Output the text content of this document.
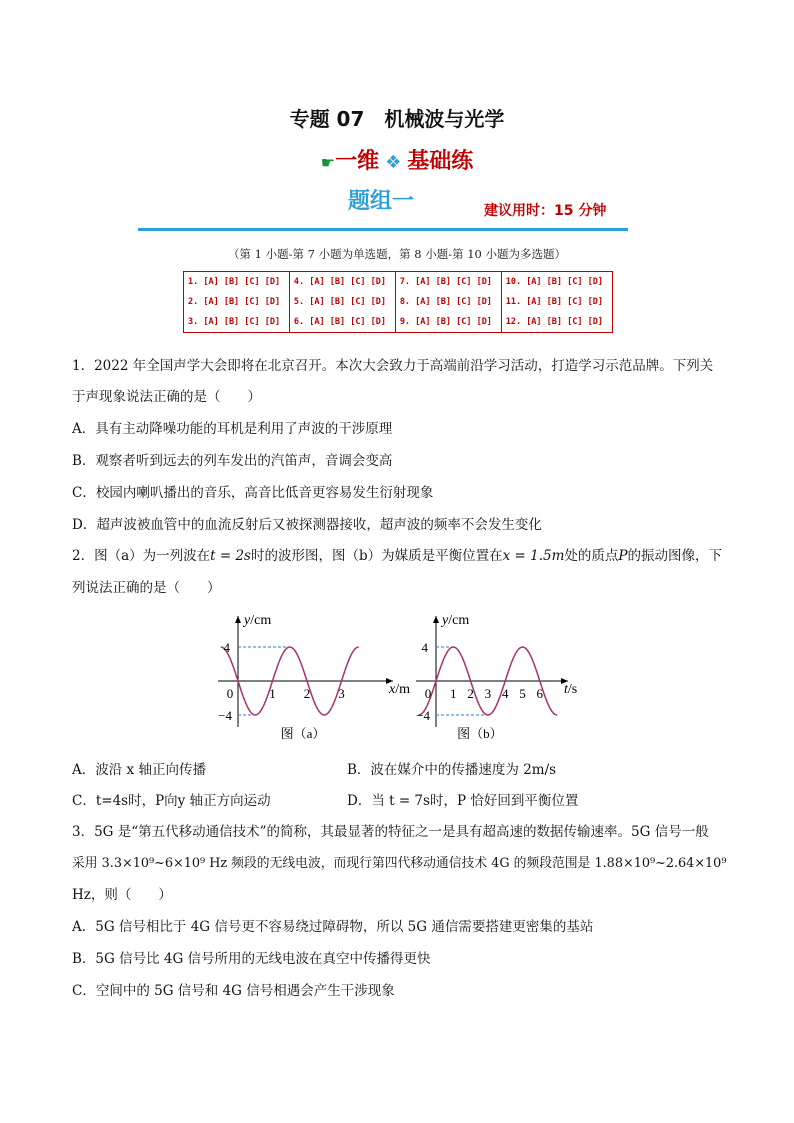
专题 07　机械波与光学
☛一维 ❖ 基础练
题组一	建议用时：15 分钟
（第 1 小题-第 7 小题为单选题，第 8 小题-第 10 小题为多选题）
1. [A] [B] [C] [D]	4. [A] [B] [C] [D]	7. [A] [B] [C] [D]	10. [A] [B] [C] [D]
2. [A] [B] [C] [D]	5. [A] [B] [C] [D]	8. [A] [B] [C] [D]	11. [A] [B] [C] [D]
3. [A] [B] [C] [D]	6. [A] [B] [C] [D]	9. [A] [B] [C] [D]	12. [A] [B] [C] [D]
1．2022 年全国声学大会即将在北京召开。本次大会致力于高端前沿学习活动，打造学习示范品牌。下列关
于声现象说法正确的是（　　）
A．具有主动降噪功能的耳机是利用了声波的干涉原理
B．观察者听到远去的列车发出的汽笛声，音调会变高
C．校园内喇叭播出的音乐，高音比低音更容易发生衍射现象
D．超声波被血管中的血流反射后又被探测器接收，超声波的频率不会发生变化
2．图（a）为一列波在t = 2s时的波形图，图（b）为媒质是平衡位置在x = 1.5m处的质点P的振动图像，下
列说法正确的是（　　）
y/cm
x/m
4
−4
0	1 2 3
图（a）
y/cm
t/s
4
−4
0 1 2 3 4 5 6
图（b）
A．波沿 x 轴正向传播	B．波在媒介中的传播速度为 2m/s
C．t=4s时，P向y 轴正方向运动	D．当 t = 7s时，P 恰好回到平衡位置
3．5G 是“第五代移动通信技术”的简称，其最显著的特征之一是具有超高速的数据传输速率。5G 信号一般
采用 3.3×10⁹~6×10⁹ Hz 频段的无线电波，而现行第四代移动通信技术 4G 的频段范围是 1.88×10⁹~2.64×10⁹
Hz，则（　　）
A．5G 信号相比于 4G 信号更不容易绕过障碍物，所以 5G 通信需要搭建更密集的基站
B．5G 信号比 4G 信号所用的无线电波在真空中传播得更快
C．空间中的 5G 信号和 4G 信号相遇会产生干涉现象
